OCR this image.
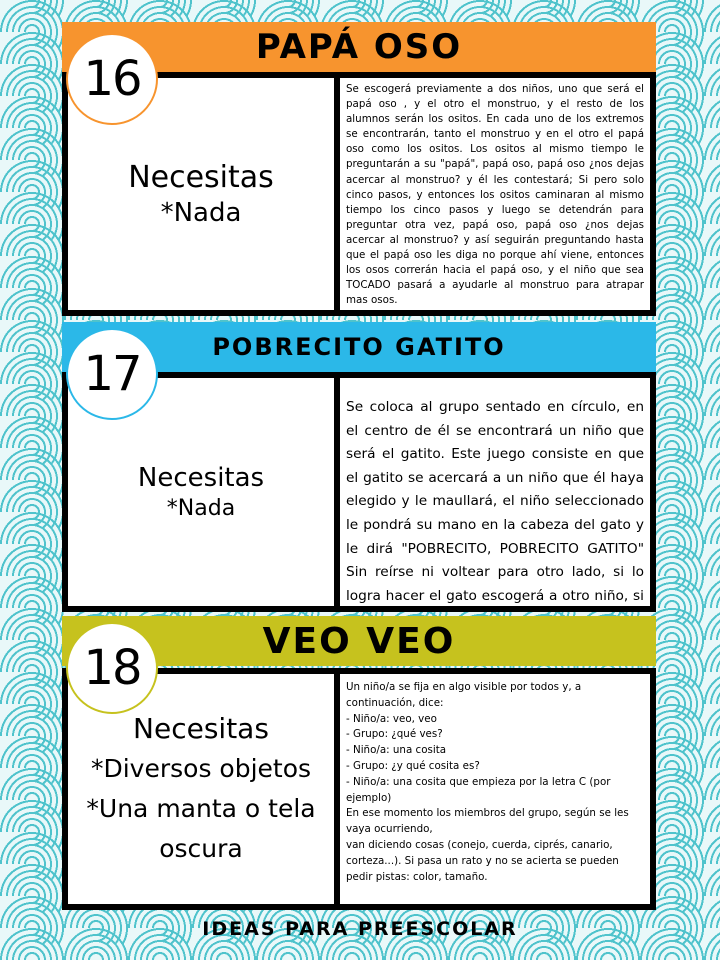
PAPÁ OSO
Necesitas
*Nada

Se escogerá previamente a dos niños, uno que será el papá oso , y el otro el monstruo, y el resto de los alumnos serán los ositos. En cada uno de los extremos se encontrarán, tanto el monstruo y en el otro el papá oso como los ositos. Los ositos al mismo tiempo le preguntarán a su "papá", papá oso, papá oso ¿nos dejas acercar al monstruo? y él les contestará; Si pero solo cinco pasos, y entonces los ositos caminaran al mismo tiempo los cinco pasos y luego se detendrán para preguntar otra vez, papá oso, papá oso ¿nos dejas acercar al monstruo? y así seguirán preguntando hasta que el papá oso les diga no porque ahí viene, entonces los osos correrán hacia el papá oso, y el niño que sea TOCADO pasará a ayudarle al monstruo para atrapar mas osos.

16
POBRECITO GATITO
Necesitas
*Nada

Se coloca al grupo sentado en círculo, en el centro de él se encontrará un niño que será el gatito. Este juego consiste en que el gatito se acercará a un niño que él haya elegido y le maullará, el niño seleccionado le pondrá su mano en la cabeza del gato y le dirá "POBRECITO, POBRECITO GATITO" Sin reírse ni voltear para otro lado, si lo logra hacer el gato escogerá a otro niño, si

17
VEO VEO
Necesitas
*Diversos objetos
*Una manta o tela oscura

Un niño/a se fija en algo visible por todos y, a continuación, dice:

- Niño/a: veo, veo

- Grupo: ¿qué ves?

- Niño/a: una cosita

- Grupo: ¿y qué cosita es?

- Niño/a: una cosita que empieza por la letra C (por ejemplo)

En ese momento los miembros del grupo, según se les vaya ocurriendo,

van diciendo cosas (conejo, cuerda, ciprés, canario, corteza...). Si pasa un rato y no se acierta se pueden pedir pistas: color, tamaño.

18
IDEAS PARA PREESCOLAR
